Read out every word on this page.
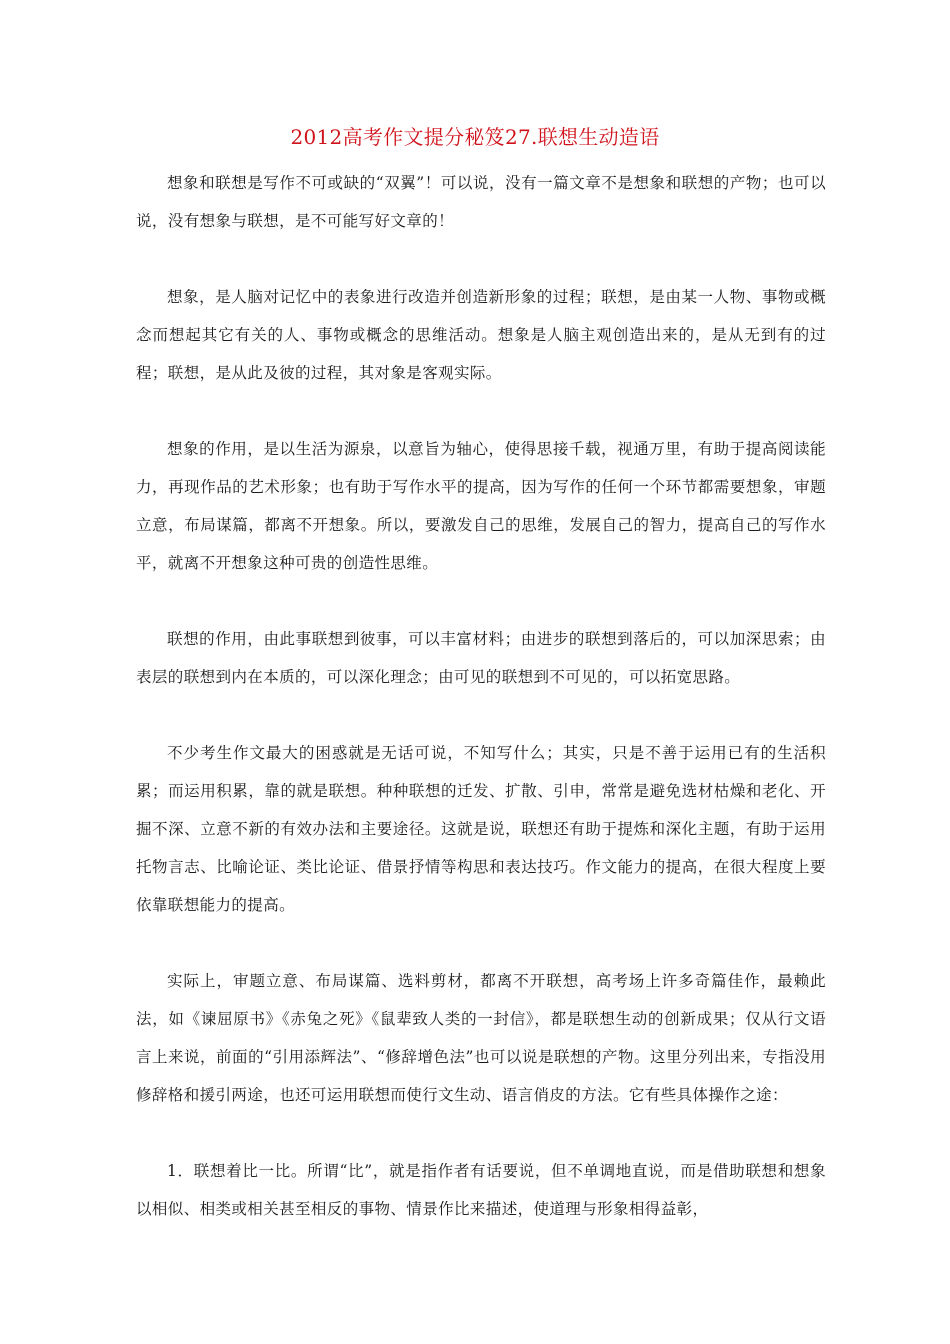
2012高考作文提分秘笈27.联想生动造语

想象和联想是写作不可或缺的“双翼”！可以说，没有一篇文章不是想象和联想的产物；也可以说，没有想象与联想，是不可能写好文章的！

想象，是人脑对记忆中的表象进行改造并创造新形象的过程；联想，是由某一人物、事物或概念而想起其它有关的人、事物或概念的思维活动。想象是人脑主观创造出来的，是从无到有的过程；联想，是从此及彼的过程，其对象是客观实际。

想象的作用，是以生活为源泉，以意旨为轴心，使得思接千载，视通万里，有助于提高阅读能力，再现作品的艺术形象；也有助于写作水平的提高，因为写作的任何一个环节都需要想象，审题立意，布局谋篇，都离不开想象。所以，要激发自己的思维，发展自己的智力，提高自己的写作水平，就离不开想象这种可贵的创造性思维。

联想的作用，由此事联想到彼事，可以丰富材料；由进步的联想到落后的，可以加深思索；由表层的联想到内在本质的，可以深化理念；由可见的联想到不可见的，可以拓宽思路。

不少考生作文最大的困惑就是无话可说，不知写什么；其实，只是不善于运用已有的生活积累；而运用积累，靠的就是联想。种种联想的迁发、扩散、引申，常常是避免选材枯燥和老化、开掘不深、立意不新的有效办法和主要途径。这就是说，联想还有助于提炼和深化主题，有助于运用托物言志、比喻论证、类比论证、借景抒情等构思和表达技巧。作文能力的提高，在很大程度上要依靠联想能力的提高。

实际上，审题立意、布局谋篇、选料剪材，都离不开联想，高考场上许多奇篇佳作，最赖此法，如《谏屈原书》《赤兔之死》《鼠辈致人类的一封信》，都是联想生动的创新成果；仅从行文语言上来说，前面的“引用添辉法”、“修辞增色法”也可以说是联想的产物。这里分列出来，专指没用修辞格和援引两途，也还可运用联想而使行文生动、语言俏皮的方法。它有些具体操作之途：

1．联想着比一比。所谓“比”，就是指作者有话要说，但不单调地直说，而是借助联想和想象以相似、相类或相关甚至相反的事物、情景作比来描述，使道理与形象相得益彰，
